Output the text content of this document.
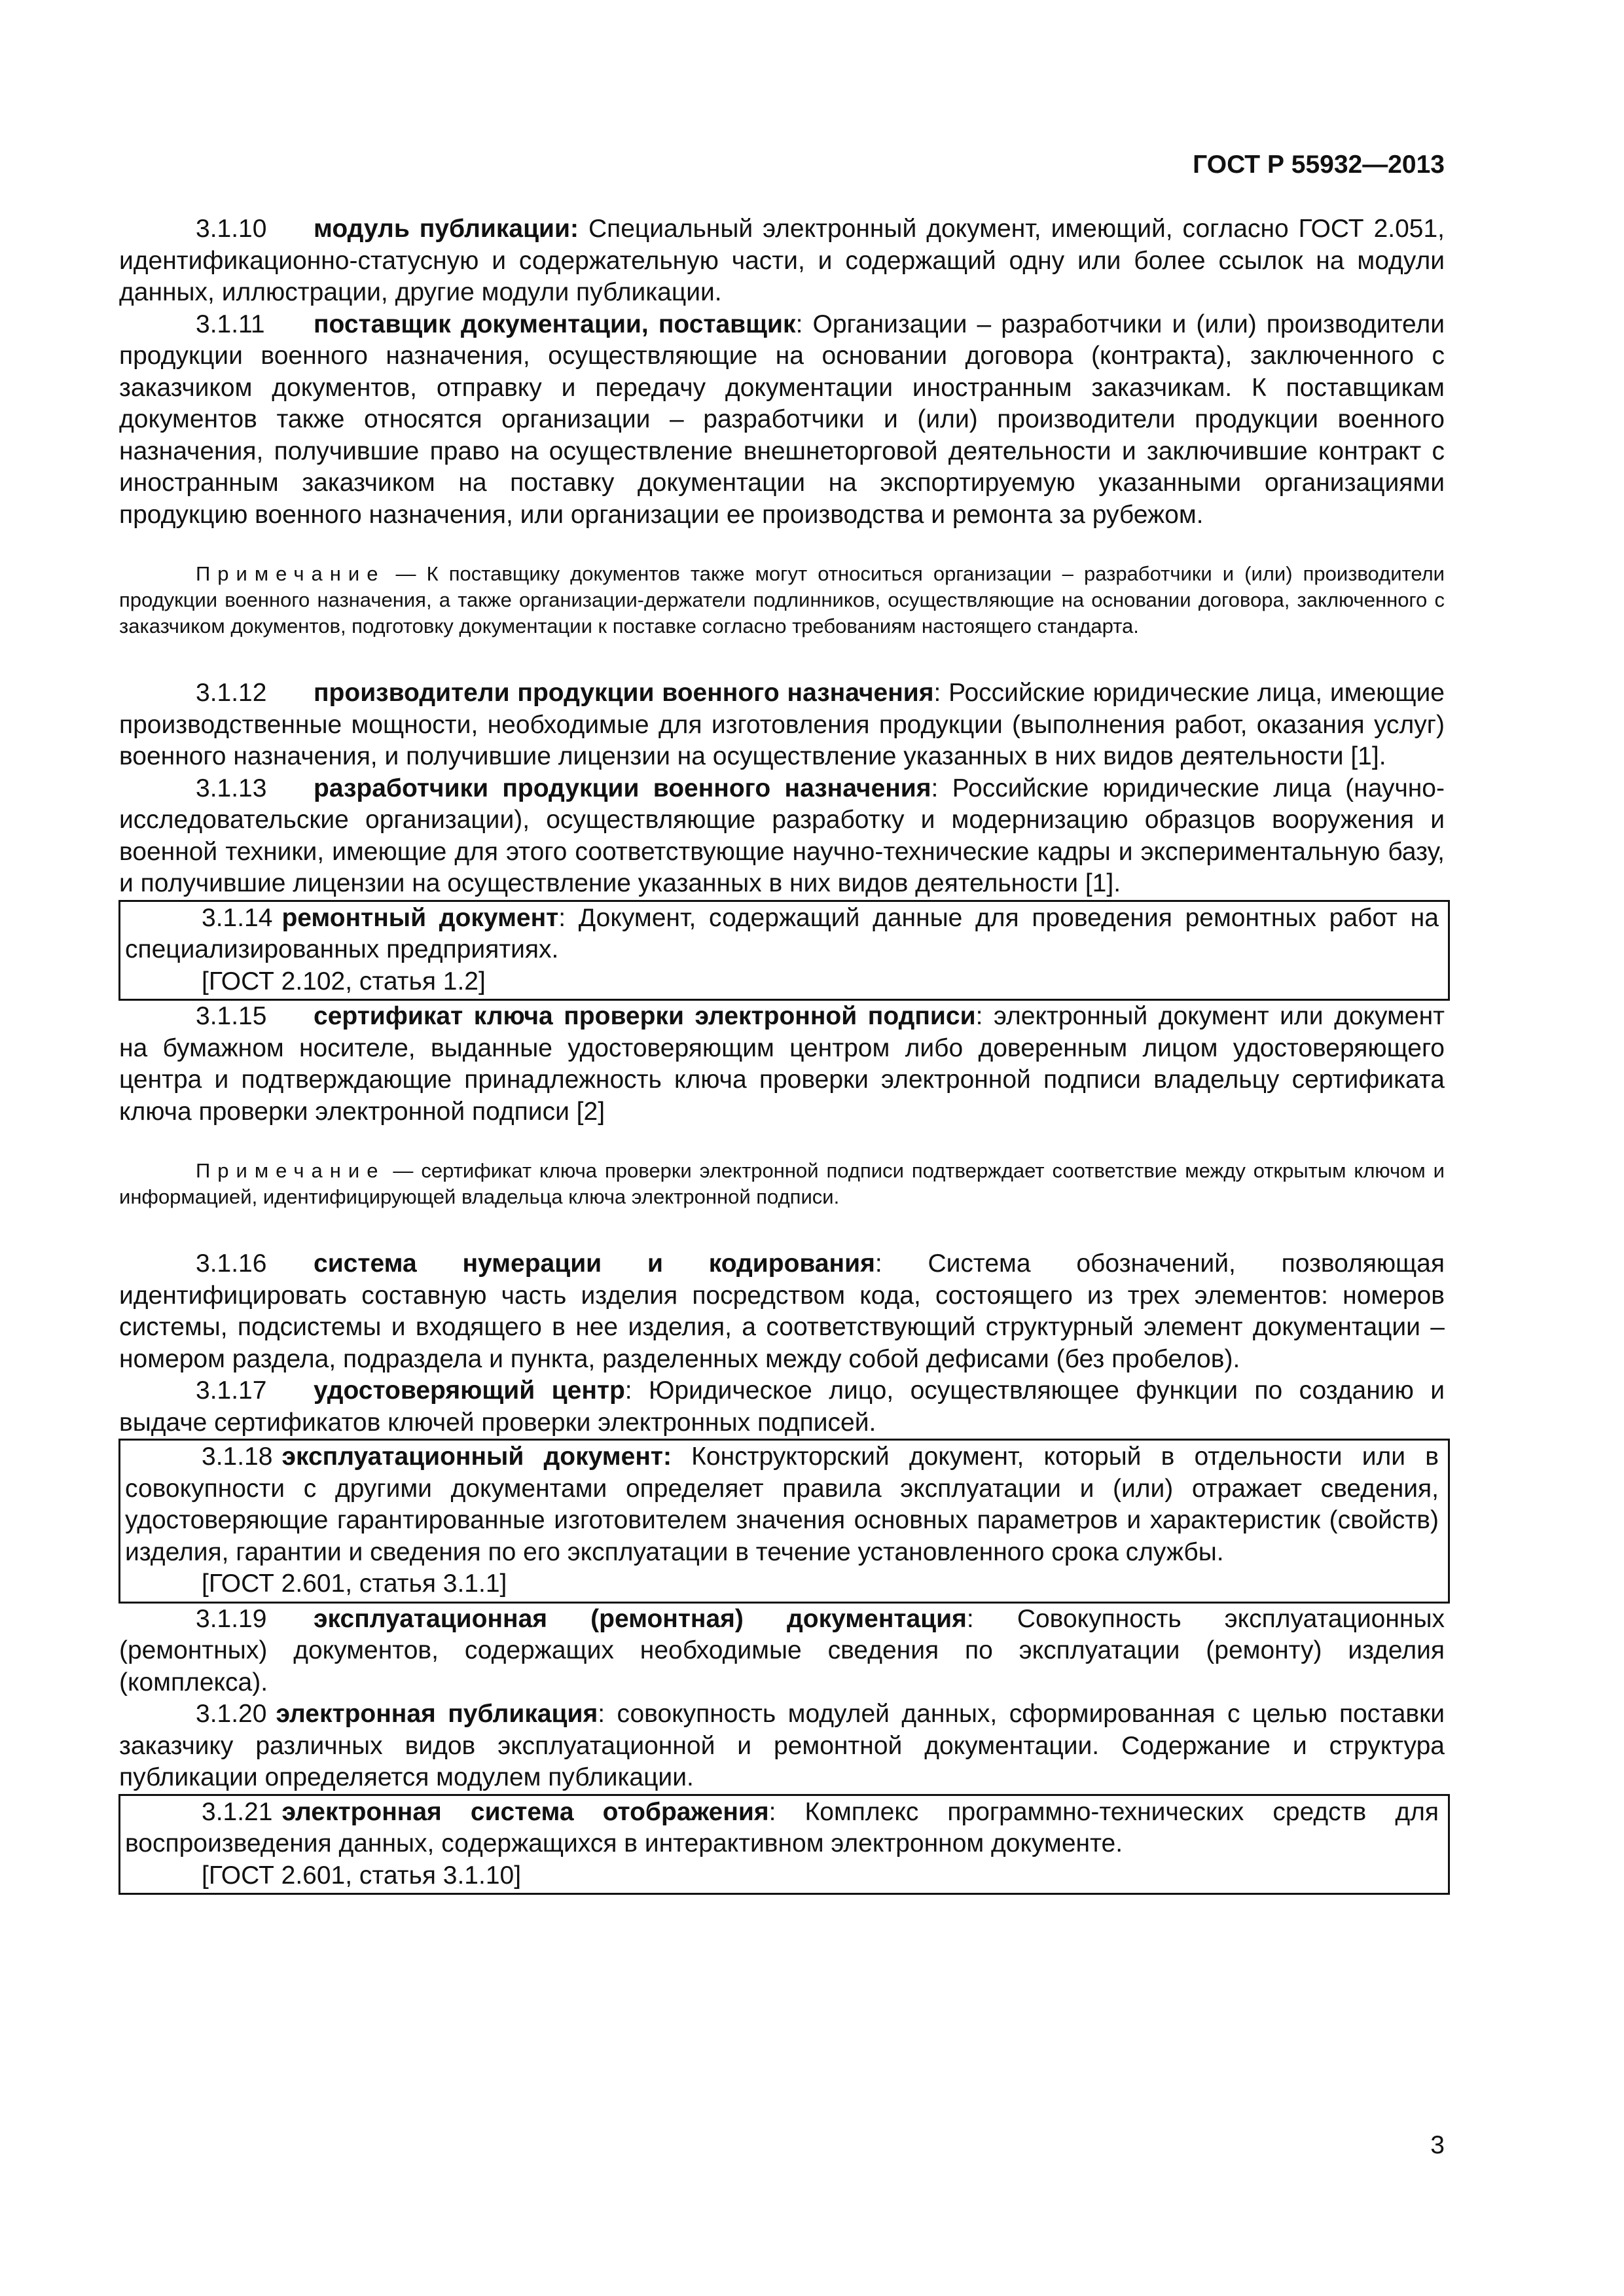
ГОСТ Р 55932—2013

3.1.10 модуль публикации: Специальный электронный документ, имеющий, согласно ГОСТ 2.051, идентификационно-статусную и содержательную части, и содержащий одну или более ссылок на модули данных, иллюстрации, другие модули публикации.

3.1.11 поставщик документации, поставщик: Организации – разработчики и (или) производители продукции военного назначения, осуществляющие на основании договора (контракта), заключенного с заказчиком документов, отправку и передачу документации иностранным заказчикам. К поставщикам документов также относятся организации – разработчики и (или) производители продукции военного назначения, получившие право на осуществление внешнеторговой деятельности и заключившие контракт с иностранным заказчиком на поставку документации на экспортируемую указанными организациями продукцию военного назначения, или организации ее производства и ремонта за рубежом.

Примечание — К поставщику документов также могут относиться организации – разработчики и (или) производители продукции военного назначения, а также организации-держатели подлинников, осуществляющие на основании договора, заключенного с заказчиком документов, подготовку документации к поставке согласно требованиям настоящего стандарта.

3.1.12 производители продукции военного назначения: Российские юридические лица, имеющие производственные мощности, необходимые для изготовления продукции (выполнения работ, оказания услуг) военного назначения, и получившие лицензии на осуществление указанных в них видов деятельности [1].

3.1.13 разработчики продукции военного назначения: Российские юридические лица (научно-исследовательские организации), осуществляющие разработку и модернизацию образцов вооружения и военной техники, имеющие для этого соответствующие научно-технические кадры и экспериментальную базу, и получившие лицензии на осуществление указанных в них видов деятельности [1].

3.1.14 ремонтный документ: Документ, содержащий данные для проведения ремонтных работ на специализированных предприятиях.

[ГОСТ 2.102, статья 1.2]

3.1.15 сертификат ключа проверки электронной подписи: электронный документ или документ на бумажном носителе, выданные удостоверяющим центром либо доверенным лицом удостоверяющего центра и подтверждающие принадлежность ключа проверки электронной подписи владельцу сертификата ключа проверки электронной подписи [2]

Примечание — сертификат ключа проверки электронной подписи подтверждает соответствие между открытым ключом и информацией, идентифицирующей владельца ключа электронной подписи.

3.1.16 система нумерации и кодирования: Система обозначений, позволяющая идентифицировать составную часть изделия посредством кода, состоящего из трех элементов: номеров системы, подсистемы и входящего в нее изделия, а соответствующий структурный элемент документации – номером раздела, подраздела и пункта, разделенных между собой дефисами (без пробелов).

3.1.17 удостоверяющий центр: Юридическое лицо, осуществляющее функции по созданию и выдаче сертификатов ключей проверки электронных подписей.

3.1.18 эксплуатационный документ: Конструкторский документ, который в отдельности или в совокупности с другими документами определяет правила эксплуатации и (или) отражает сведения, удостоверяющие гарантированные изготовителем значения основных параметров и характеристик (свойств) изделия, гарантии и сведения по его эксплуатации в течение установленного срока службы.

[ГОСТ 2.601, статья 3.1.1]

3.1.19 эксплуатационная (ремонтная) документация: Совокупность эксплуатационных (ремонтных) документов, содержащих необходимые сведения по эксплуатации (ремонту) изделия (комплекса).

3.1.20 электронная публикация: совокупность модулей данных, сформированная с целью поставки заказчику различных видов эксплуатационной и ремонтной документации. Содержание и структура публикации определяется модулем публикации.

3.1.21 электронная система отображения: Комплекс программно-технических средств для воспроизведения данных, содержащихся в интерактивном электронном документе.

[ГОСТ 2.601, статья 3.1.10]

3
